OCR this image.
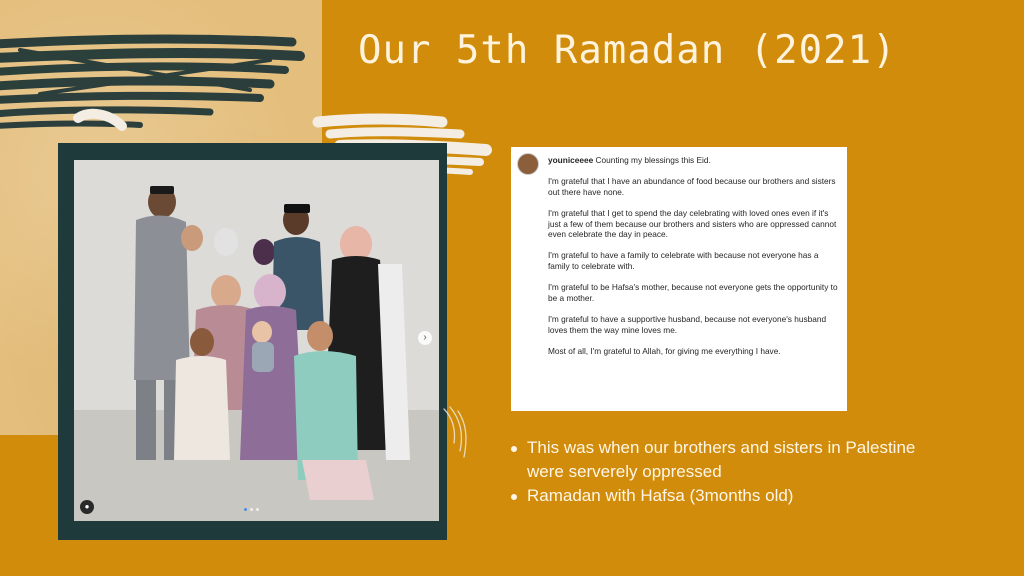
›
●
Our 5th Ramadan (2021)

youniceeee Counting my blessings this Eid.

I'm grateful that I have an abundance of food because our brothers and sisters out there have none.

I'm grateful that I get to spend the day celebrating with loved ones even if it's just a few of them because our brothers and sisters who are oppressed cannot even celebrate the day in peace.

I'm grateful to have a family to celebrate with because not everyone has a family to celebrate with.

I'm grateful to be Hafsa's mother, because not everyone gets the opportunity to be a mother.

I'm grateful to have a supportive husband, because not everyone's husband loves them the way mine loves me.

Most of all, I'm grateful to Allah, for giving me everything I have.

This was when our brothers and sisters in Palestine were serverely oppressed
Ramadan with Hafsa (3months old)
